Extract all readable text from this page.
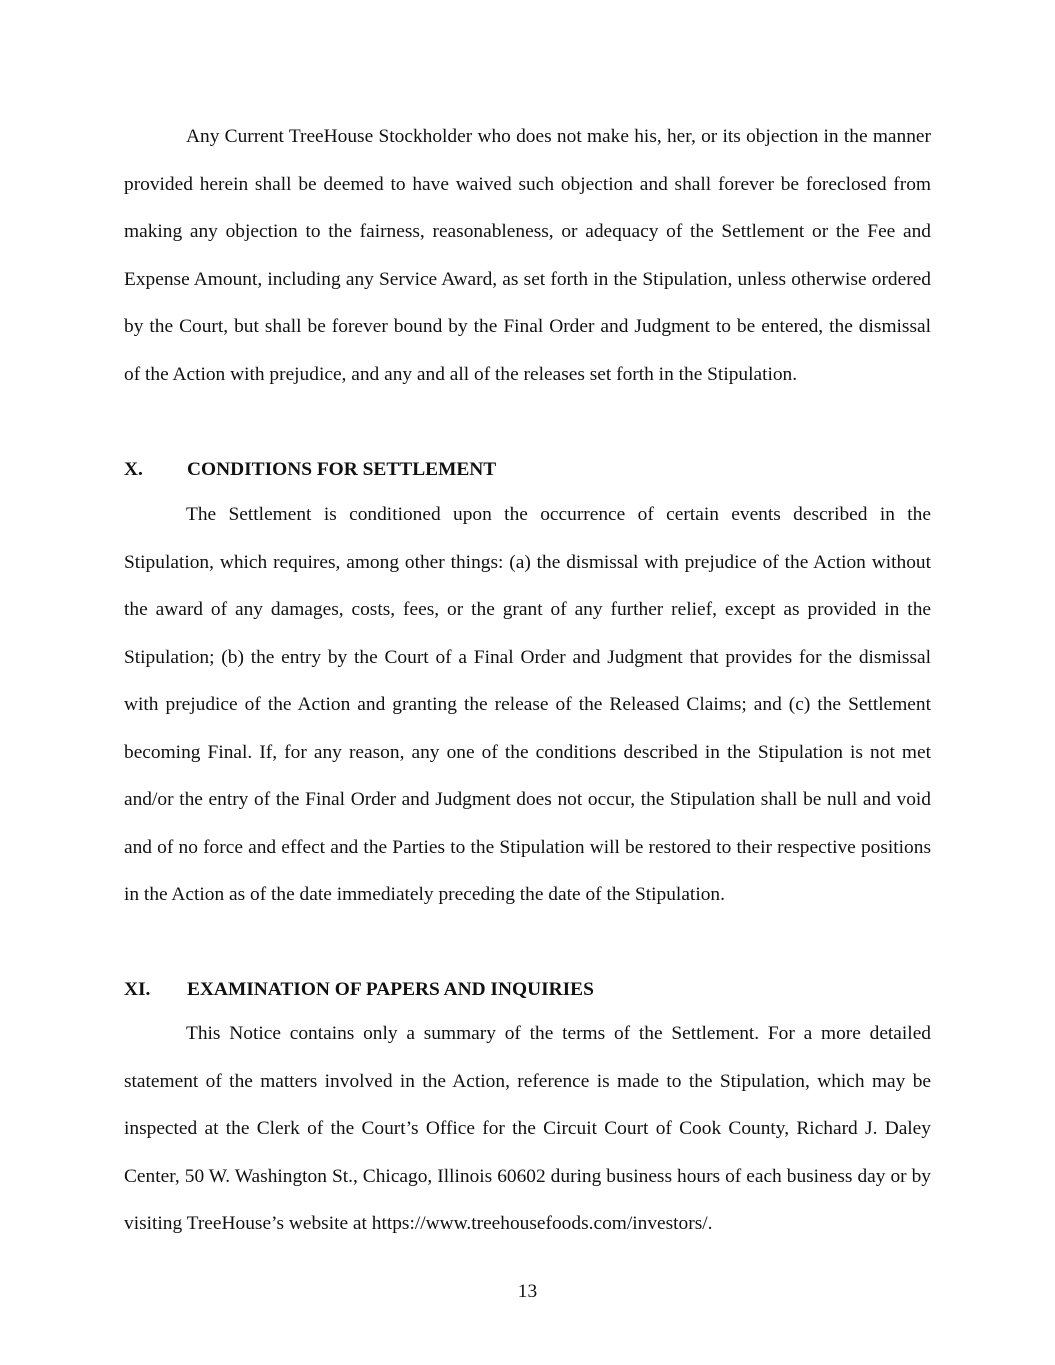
Any Current TreeHouse Stockholder who does not make his, her, or its objection in the manner provided herein shall be deemed to have waived such objection and shall forever be foreclosed from making any objection to the fairness, reasonableness, or adequacy of the Settlement or the Fee and Expense Amount, including any Service Award, as set forth in the Stipulation, unless otherwise ordered by the Court, but shall be forever bound by the Final Order and Judgment to be entered, the dismissal of the Action with prejudice, and any and all of the releases set forth in the Stipulation.

X. CONDITIONS FOR SETTLEMENT

The Settlement is conditioned upon the occurrence of certain events described in the Stipulation, which requires, among other things: (a) the dismissal with prejudice of the Action without the award of any damages, costs, fees, or the grant of any further relief, except as provided in the Stipulation; (b) the entry by the Court of a Final Order and Judgment that provides for the dismissal with prejudice of the Action and granting the release of the Released Claims; and (c) the Settlement becoming Final. If, for any reason, any one of the conditions described in the Stipulation is not met and/or the entry of the Final Order and Judgment does not occur, the Stipulation shall be null and void and of no force and effect and the Parties to the Stipulation will be restored to their respective positions in the Action as of the date immediately preceding the date of the Stipulation.

XI. EXAMINATION OF PAPERS AND INQUIRIES

This Notice contains only a summary of the terms of the Settlement. For a more detailed statement of the matters involved in the Action, reference is made to the Stipulation, which may be inspected at the Clerk of the Court’s Office for the Circuit Court of Cook County, Richard J. Daley Center, 50 W. Washington St., Chicago, Illinois 60602 during business hours of each business day or by visiting TreeHouse’s website at https://www.treehousefoods.com/investors/.

13
